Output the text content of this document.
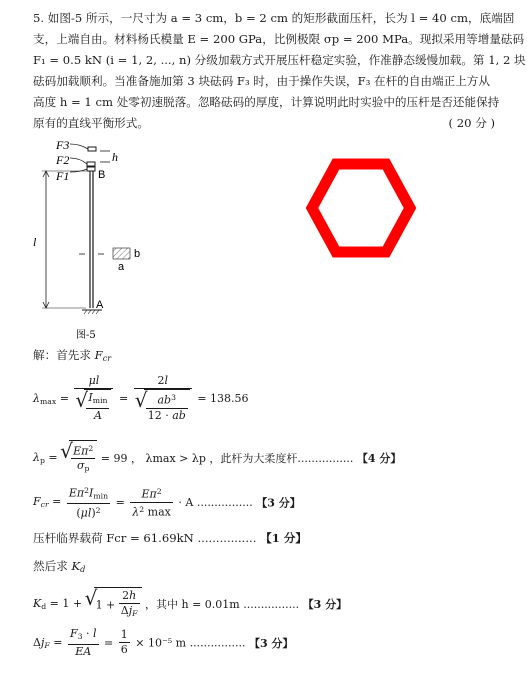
5. 如图-5 所示，一尺寸为 a = 3 cm，b = 2 cm 的矩形截面压杆，长为 l = 40 cm，底端固
支，上端自由。材料杨氏模量 E = 200 GPa，比例极限 σp = 200 MPa。现拟采用等增量砝码
F₁ = 0.5 kN (i = 1, 2, ..., n) 分级加载方式开展压杆稳定实验，作准静态缓慢加载。第 1, 2 块
砝码加载顺利。当准备施加第 3 块砝码 F₃ 时，由于操作失误，F₃ 在杆的自由端正上方从
高度 h = 1 cm 处零初速脱落。忽略砝码的厚度，计算说明此时实验中的压杆是否还能保持
原有的直线平衡形式。	( 20 分 )
F3
F2
F1
h
B
A
l
b
a
图-5
解：首先求 $F_{cr}$
$\lambda_{max} = \mu l$
√ $\frac{I_{min}}{A} = 2l$
√ $\frac{ab^3}{12 \cdot ab} = 138.56$
$\lambda_p$ = √ $\frac{E\pi^2}{\sigma_p} = 99$ ， λmax > λp ，此杆为大柔度杆................ 【4 分】
$F_{cr} = \frac{E\pi^2I_{min}}{(\mu l)^2} = \frac{E\pi^2}{\lambda^2 \max} \cdot A$ ................ 【3 分】
压杆临界载荷 Fcr = 61.69kN ................ 【1 分】
然后求 $K_d$
$K_d = 1$ + √ $1 + \frac{2h}{\Delta j_F}$ ，其中 h = 0.01m ................ 【3 分】
$\Delta j_F = \frac{F_3 \cdot l}{EA} = \frac{1}{6} \times 10^{-5}$ m ................ 【3 分】
